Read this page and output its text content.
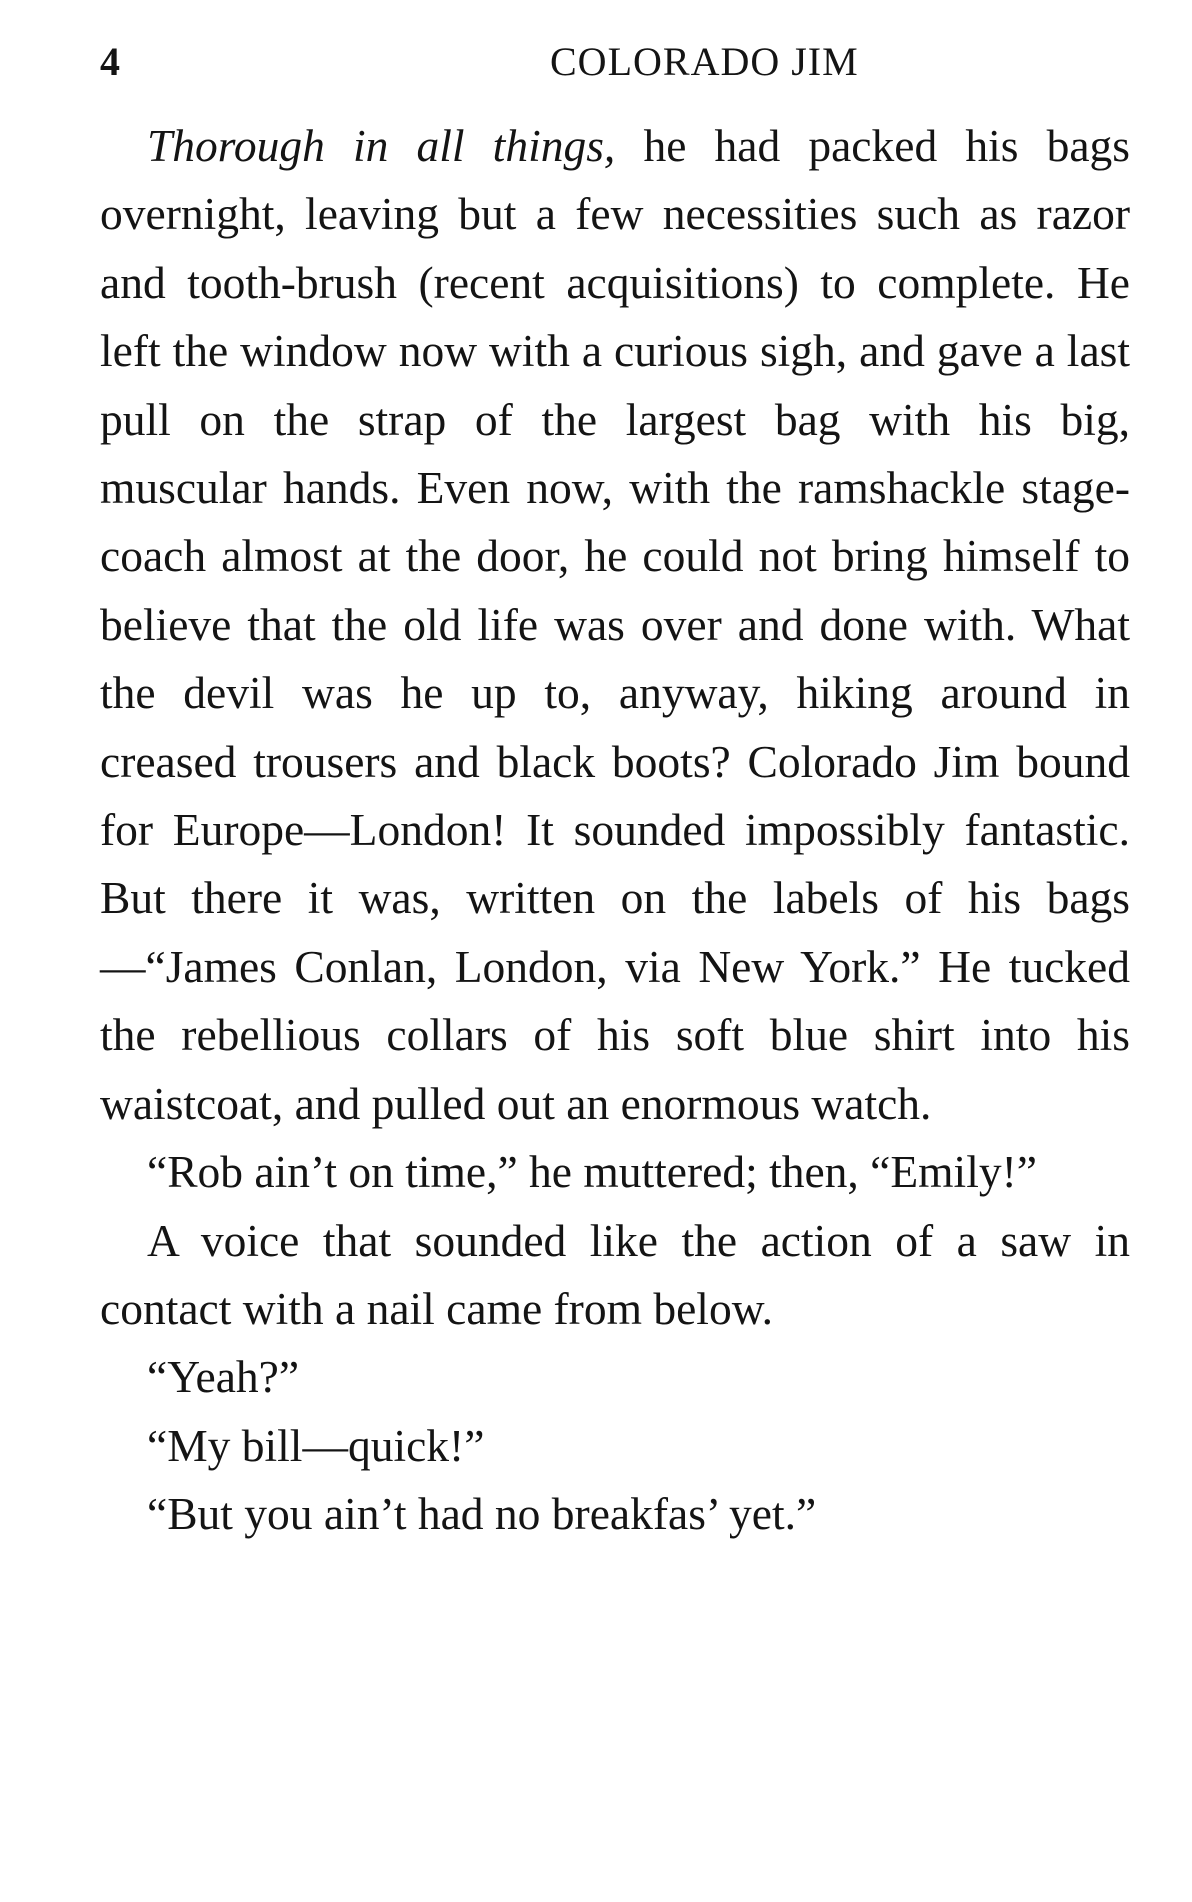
4	COLORADO JIM

Thorough in all things, he had packed his bags overnight, leaving but a few necessities such as razor and tooth-brush (recent acquisitions) to complete. He left the window now with a curious sigh, and gave a last pull on the strap of the largest bag with his big, muscular hands. Even now, with the ramshackle stage-coach almost at the door, he could not bring himself to believe that the old life was over and done with. What the devil was he up to, anyway, hiking around in creased trousers and black boots? Colorado Jim bound for Europe—London! It sounded impossibly fantastic. But there it was, written on the labels of his bags—“James Conlan, London, via New York.” He tucked the rebellious collars of his soft blue shirt into his waistcoat, and pulled out an enormous watch.

“Rob ain’t on time,” he muttered; then, “Emily!”

A voice that sounded like the action of a saw in contact with a nail came from below.

“Yeah?”

“My bill—quick!”

“But you ain’t had no breakfas’ yet.”
